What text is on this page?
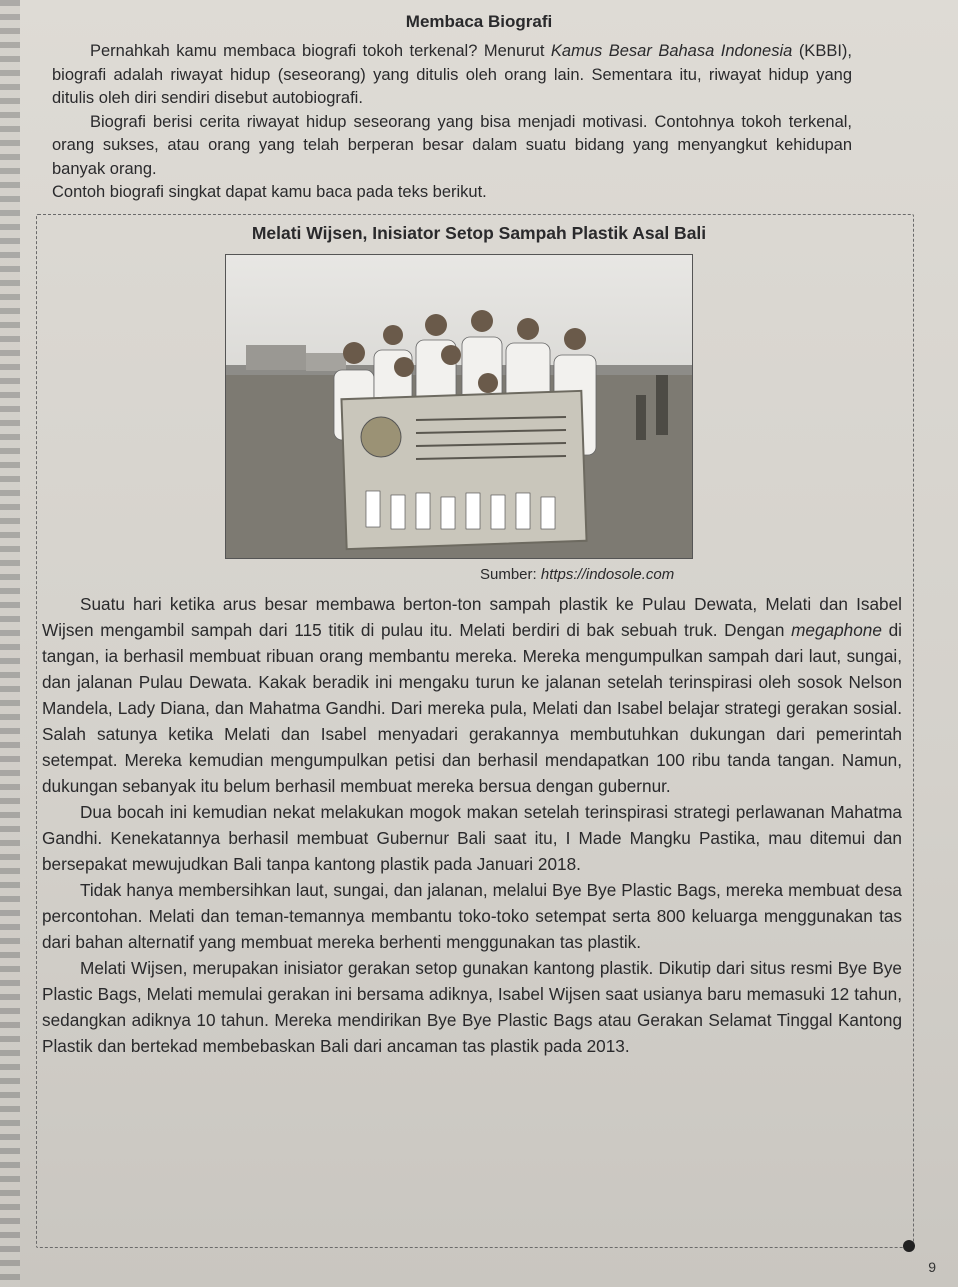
Membaca Biografi

Pernahkah kamu membaca biografi tokoh terkenal? Menurut Kamus Besar Bahasa Indonesia (KBBI), biografi adalah riwayat hidup (seseorang) yang ditulis oleh orang lain. Sementara itu, riwayat hidup yang ditulis oleh diri sendiri disebut autobiografi.

Biografi berisi cerita riwayat hidup seseorang yang bisa menjadi motivasi. Contohnya tokoh terkenal, orang sukses, atau orang yang telah berperan besar dalam suatu bidang yang menyangkut kehidupan banyak orang.

Contoh biografi singkat dapat kamu baca pada teks berikut.

Melati Wijsen, Inisiator Setop Sampah Plastik Asal Bali
Sumber: https://indosole.com

Suatu hari ketika arus besar membawa berton-ton sampah plastik ke Pulau Dewata, Melati dan Isabel Wijsen mengambil sampah dari 115 titik di pulau itu. Melati berdiri di bak sebuah truk. Dengan megaphone di tangan, ia berhasil membuat ribuan orang membantu mereka. Mereka mengumpulkan sampah dari laut, sungai, dan jalanan Pulau Dewata. Kakak beradik ini mengaku turun ke jalanan setelah terinspirasi oleh sosok Nelson Mandela, Lady Diana, dan Mahatma Gandhi. Dari mereka pula, Melati dan Isabel belajar strategi gerakan sosial. Salah satunya ketika Melati dan Isabel menyadari gerakannya membutuhkan dukungan dari pemerintah setempat. Mereka kemudian mengumpulkan petisi dan berhasil mendapatkan 100 ribu tanda tangan. Namun, dukungan sebanyak itu belum berhasil membuat mereka bersua dengan gubernur.

Dua bocah ini kemudian nekat melakukan mogok makan setelah terinspirasi strategi perlawanan Mahatma Gandhi. Kenekatannya berhasil membuat Gubernur Bali saat itu, I Made Mangku Pastika, mau ditemui dan bersepakat mewujudkan Bali tanpa kantong plastik pada Januari 2018.

Tidak hanya membersihkan laut, sungai, dan jalanan, melalui Bye Bye Plastic Bags, mereka membuat desa percontohan. Melati dan teman-temannya membantu toko-toko setempat serta 800 keluarga menggunakan tas dari bahan alternatif yang membuat mereka berhenti menggunakan tas plastik.

Melati Wijsen, merupakan inisiator gerakan setop gunakan kantong plastik. Dikutip dari situs resmi Bye Bye Plastic Bags, Melati memulai gerakan ini bersama adiknya, Isabel Wijsen saat usianya baru memasuki 12 tahun, sedangkan adiknya 10 tahun. Mereka mendirikan Bye Bye Plastic Bags atau Gerakan Selamat Tinggal Kantong Plastik dan bertekad membebaskan Bali dari ancaman tas plastik pada 2013.

9
